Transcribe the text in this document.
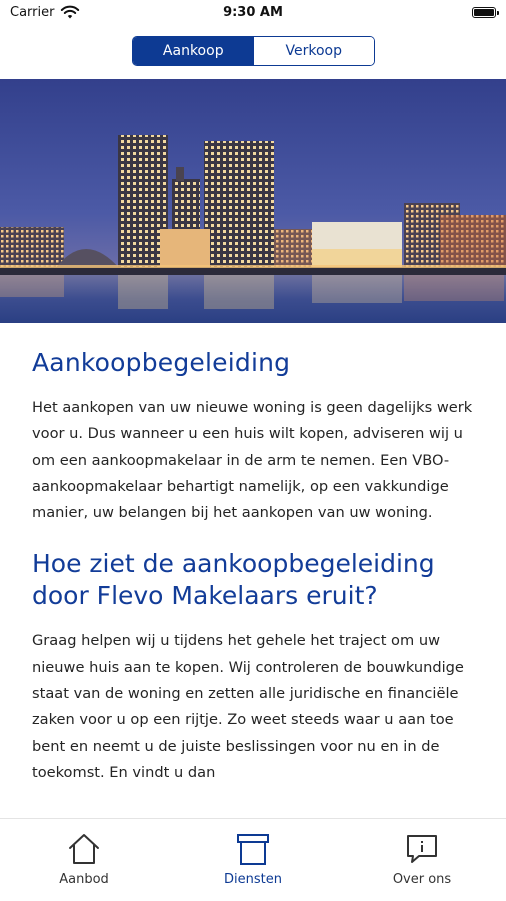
Carrier	9:30 AM
Aankoop	Verkoop
Aankoopbegeleiding

Het aankopen van uw nieuwe woning is geen dagelijks werk voor u. Dus wanneer u een huis wilt kopen, adviseren wij u om een aankoopmakelaar in de arm te nemen. Een VBO-aankoopmakelaar behartigt namelijk, op een vakkundige manier, uw belangen bij het aankopen van uw woning.

Hoe ziet de aankoopbegeleiding door Flevo Makelaars eruit?

Graag helpen wij u tijdens het gehele het traject om uw nieuwe huis aan te kopen. Wij controleren de bouwkundige staat van de woning en zetten alle juridische en financiële zaken voor u op een rijtje. Zo weet steeds waar u aan toe bent en neemt u de juiste beslissingen voor nu en in de toekomst. En vindt u dan

Aanbod	Diensten	Over ons
